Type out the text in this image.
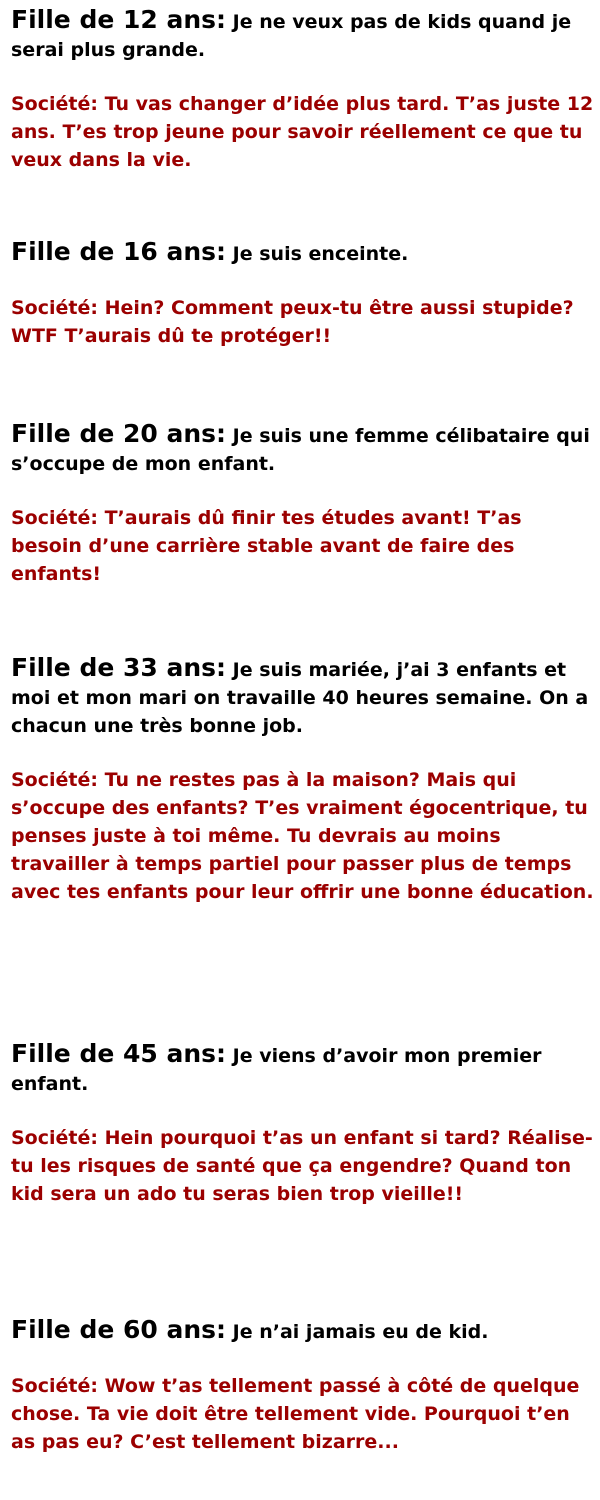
Fille de 12 ans: Je ne veux pas de kids quand je serai plus grande.

Société: Tu vas changer d’idée plus tard. T’as juste 12 ans. T’es trop jeune pour savoir réellement ce que tu veux dans la vie.

Fille de 16 ans: Je suis enceinte.

Société: Hein? Comment peux-tu être aussi stupide? WTF T’aurais dû te protéger!!

Fille de 20 ans: Je suis une femme célibataire qui s’occupe de mon enfant.

Société: T’aurais dû finir tes études avant! T’as besoin d’une carrière stable avant de faire des enfants!

Fille de 33 ans: Je suis mariée, j’ai 3 enfants et moi et mon mari on travaille 40 heures semaine. On a chacun une très bonne job.

Société: Tu ne restes pas à la maison? Mais qui s’occupe des enfants? T’es vraiment égocentrique, tu penses juste à toi même. Tu devrais au moins travailler à temps partiel pour passer plus de temps avec tes enfants pour leur offrir une bonne éducation.

Fille de 45 ans: Je viens d’avoir mon premier enfant.

Société: Hein pourquoi t’as un enfant si tard? Réalise-tu les risques de santé que ça engendre? Quand ton kid sera un ado tu seras bien trop vieille!!

Fille de 60 ans: Je n’ai jamais eu de kid.

Société: Wow t’as tellement passé à côté de quelque chose. Ta vie doit être tellement vide. Pourquoi t’en as pas eu? C’est tellement bizarre...
